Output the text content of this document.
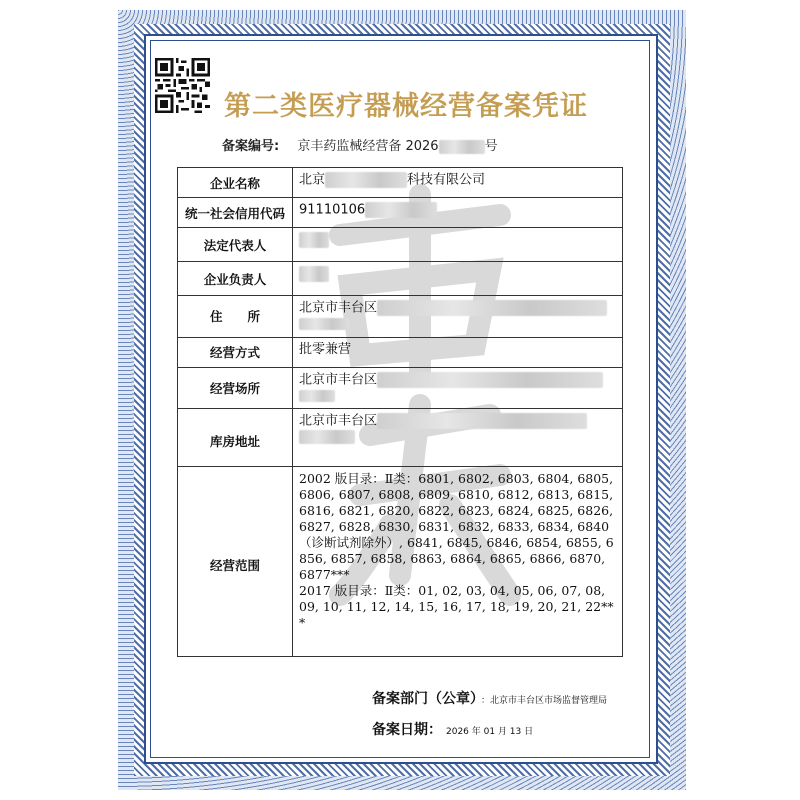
第二类医疗器械经营备案凭证
备案编号: 京丰药监械经营备 2026	号
企业名称	北京 科技有限公司
统一社会信用代码	91110106
法定代表人	
企业负责人	
住　　所	北京市丰台区

经营方式	批零兼营
经营场所	北京市丰台区

库房地址	北京市丰台区

经营范围	2002 版目录：Ⅱ类：6801, 6802, 6803, 6804, 6805, 6806, 6807, 6808, 6809, 6810, 6812, 6813, 6815, 6816, 6821, 6820, 6822, 6823, 6824, 6825, 6826, 6827, 6828, 6830, 6831, 6832, 6833, 6834, 6840（诊断试剂除外）, 6841, 6845, 6846, 6854, 6855, 6856, 6857, 6858, 6863, 6864, 6865, 6866, 6870, 6877***
2017 版目录：Ⅱ类：01, 02, 03, 04, 05, 06, 07, 08, 09, 10, 11, 12, 14, 15, 16, 17, 18, 19, 20, 21, 22***
备案部门（公章） ：北京市丰台区市场监督管理局
备案日期： 2026 年 01 月 13 日
